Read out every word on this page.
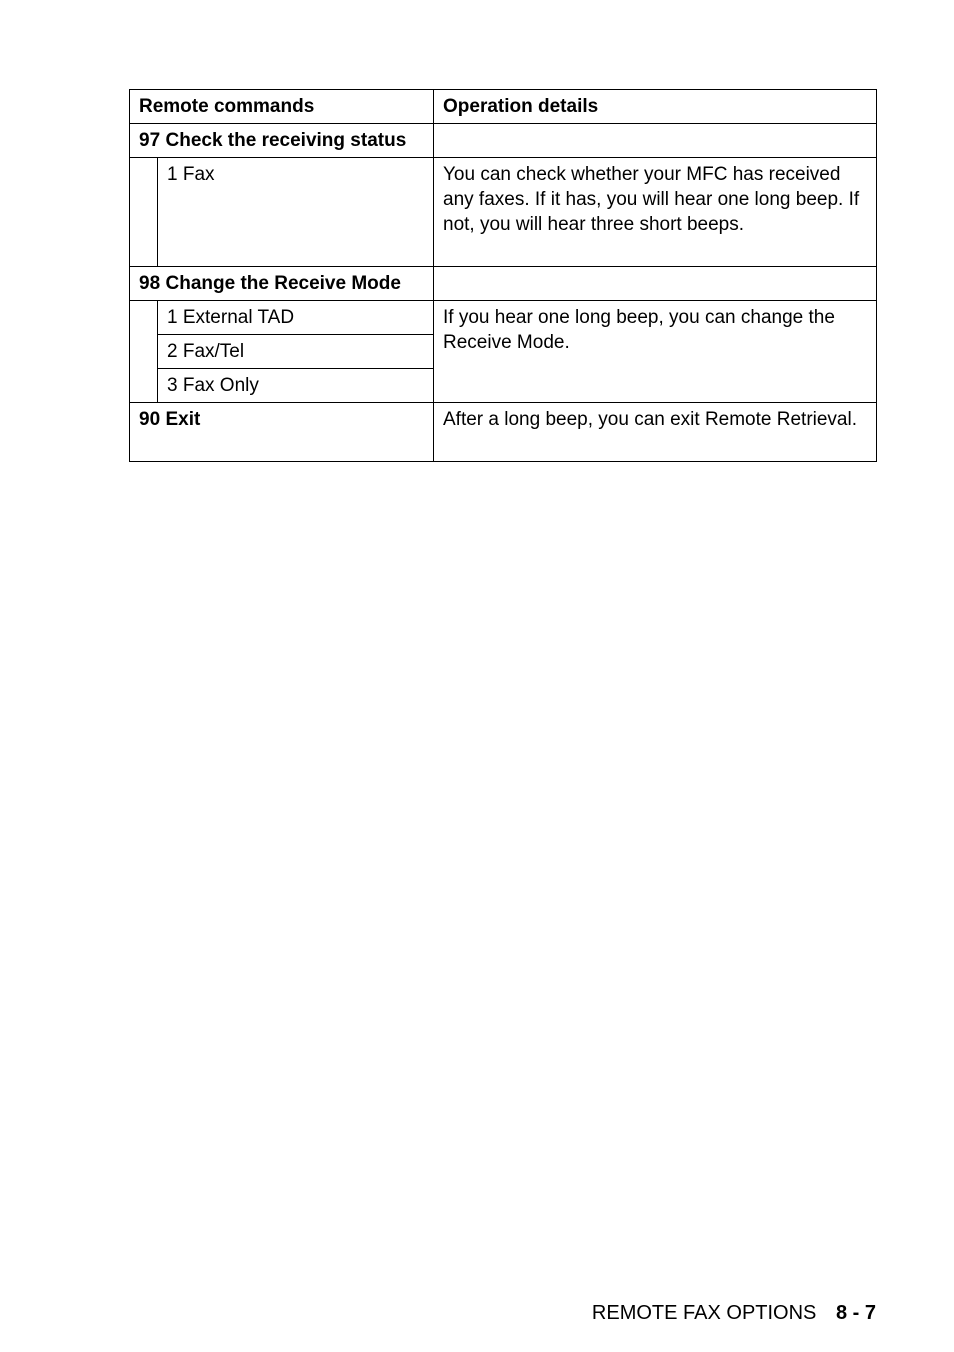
Remote commands		Operation details
97	Check the receiving status	
	1 Fax	You can check whether your MFC has received any faxes. If it has, you will hear one long beep. If not, you will hear three short beeps.
98	Change the Receive Mode	
	1 External TAD	If you hear one long beep, you can change the Receive Mode.
	2 Fax/Tel	
	3 Fax Only	
90	Exit	After a long beep, you can exit Remote Retrieval.
REMOTE FAX OPTIONS 8 - 7
